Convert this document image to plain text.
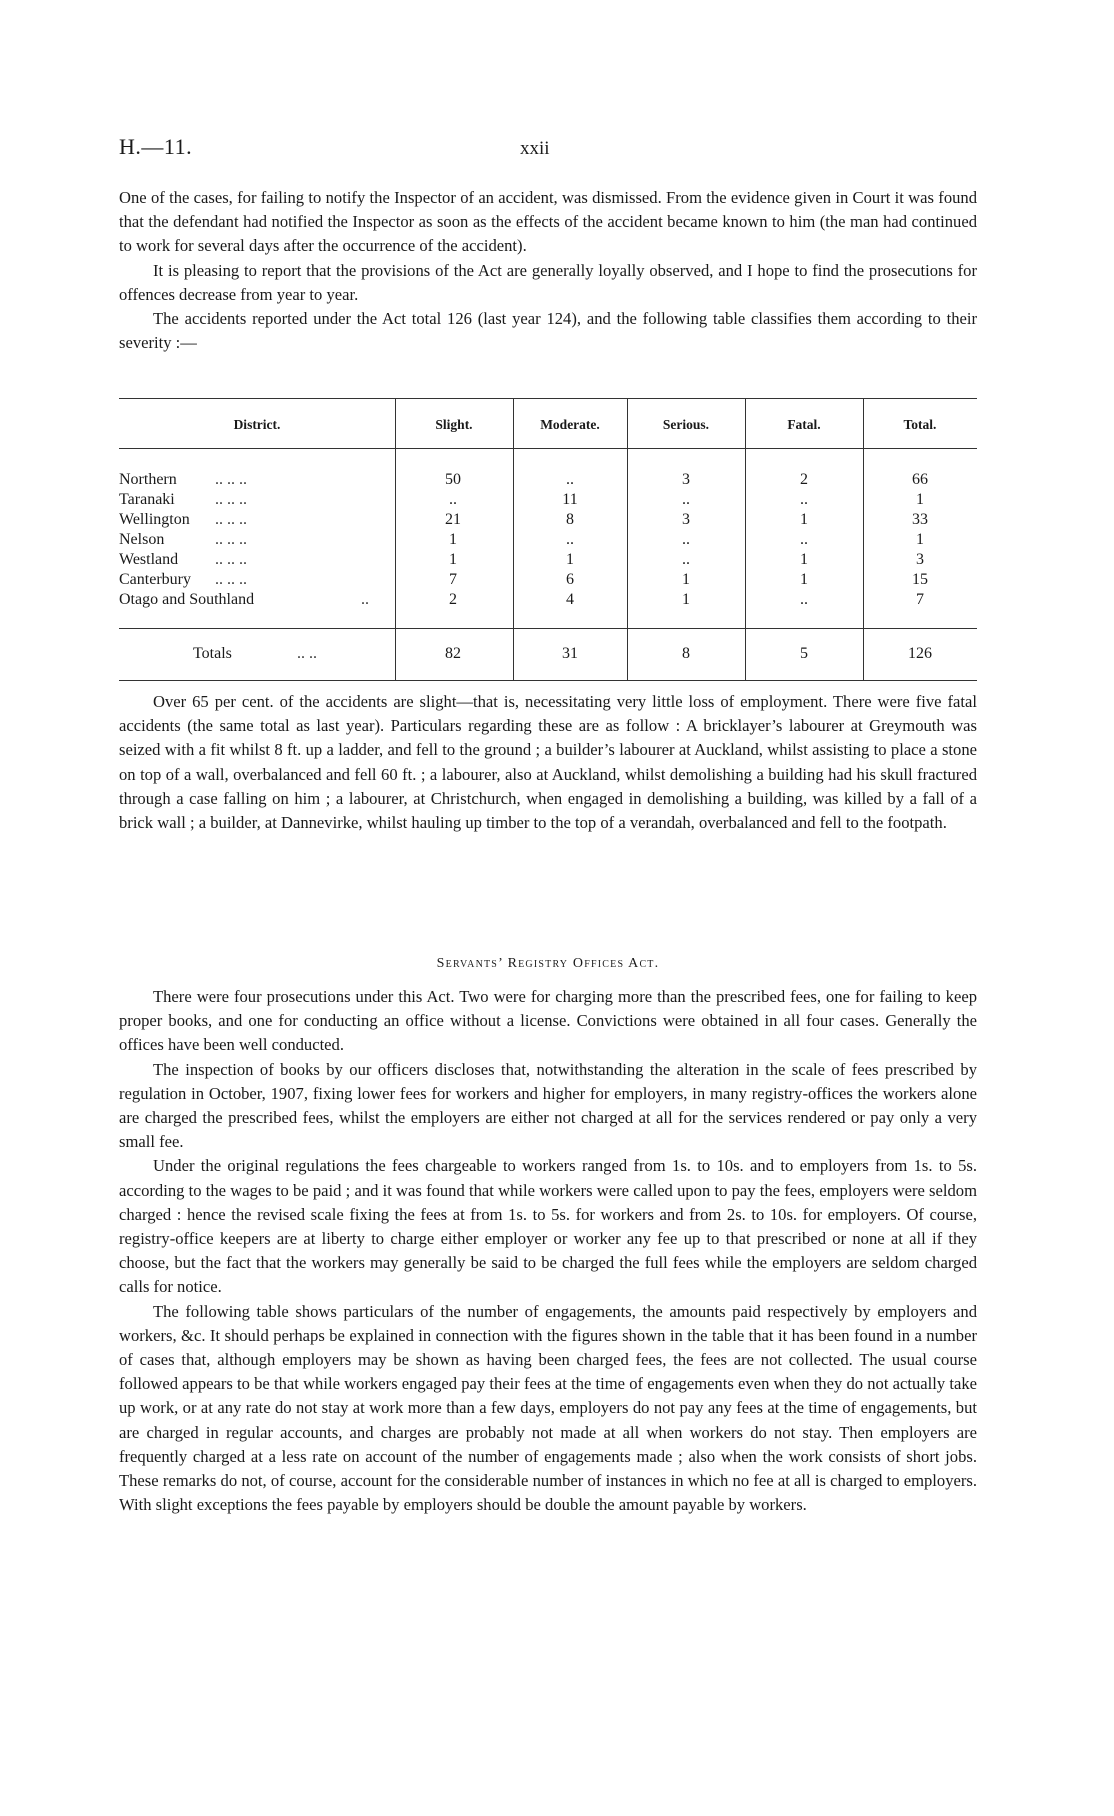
H.—11.	xxii

One of the cases, for failing to notify the Inspector of an accident, was dismissed. From the evidence given in Court it was found that the defendant had notified the Inspector as soon as the effects of the accident became known to him (the man had continued to work for several days after the occurrence of the accident).

It is pleasing to report that the provisions of the Act are generally loyally observed, and I hope to find the prosecutions for offences decrease from year to year.

The accidents reported under the Act total 126 (last year 124), and the following table classifies them according to their severity :—

District.	Slight.	Moderate.	Serious.	Fatal.	Total.
Northern	.. .. ..	50	..	3	2	66
Taranaki	.. .. ..	..	11	..	..	1
Wellington	.. .. ..	21	8	3	1	33
Nelson	.. .. ..	1	..	..	..	1
Westland	.. .. ..	1	1	..	1	3
Canterbury	.. .. ..	7	6	1	1	15
Otago and Southland	..	2	4	1	..	7
Totals	.. ..	82	31	8	5	126

Over 65 per cent. of the accidents are slight—that is, necessitating very little loss of employment. There were five fatal accidents (the same total as last year). Particulars regarding these are as follow : A bricklayer’s labourer at Greymouth was seized with a fit whilst 8 ft. up a ladder, and fell to the ground ; a builder’s labourer at Auckland, whilst assisting to place a stone on top of a wall, overbalanced and fell 60 ft. ; a labourer, also at Auckland, whilst demolishing a building had his skull fractured through a case falling on him ; a labourer, at Christchurch, when engaged in demolishing a building, was killed by a fall of a brick wall ; a builder, at Dannevirke, whilst hauling up timber to the top of a verandah, overbalanced and fell to the footpath.

Servants’ Registry Offices Act.

There were four prosecutions under this Act. Two were for charging more than the prescribed fees, one for failing to keep proper books, and one for conducting an office without a license. Convictions were obtained in all four cases. Generally the offices have been well conducted.

The inspection of books by our officers discloses that, notwithstanding the alteration in the scale of fees prescribed by regulation in October, 1907, fixing lower fees for workers and higher for employers, in many registry-offices the workers alone are charged the prescribed fees, whilst the employers are either not charged at all for the services rendered or pay only a very small fee.

Under the original regulations the fees chargeable to workers ranged from 1s. to 10s. and to employers from 1s. to 5s. according to the wages to be paid ; and it was found that while workers were called upon to pay the fees, employers were seldom charged : hence the revised scale fixing the fees at from 1s. to 5s. for workers and from 2s. to 10s. for employers. Of course, registry-office keepers are at liberty to charge either employer or worker any fee up to that prescribed or none at all if they choose, but the fact that the workers may generally be said to be charged the full fees while the employers are seldom charged calls for notice.

The following table shows particulars of the number of engagements, the amounts paid respectively by employers and workers, &c. It should perhaps be explained in connection with the figures shown in the table that it has been found in a number of cases that, although employers may be shown as having been charged fees, the fees are not collected. The usual course followed appears to be that while workers engaged pay their fees at the time of engagements even when they do not actually take up work, or at any rate do not stay at work more than a few days, employers do not pay any fees at the time of engagements, but are charged in regular accounts, and charges are probably not made at all when workers do not stay. Then employers are frequently charged at a less rate on account of the number of engagements made ; also when the work consists of short jobs. These remarks do not, of course, account for the considerable number of instances in which no fee at all is charged to employers. With slight exceptions the fees payable by employers should be double the amount payable by workers.
